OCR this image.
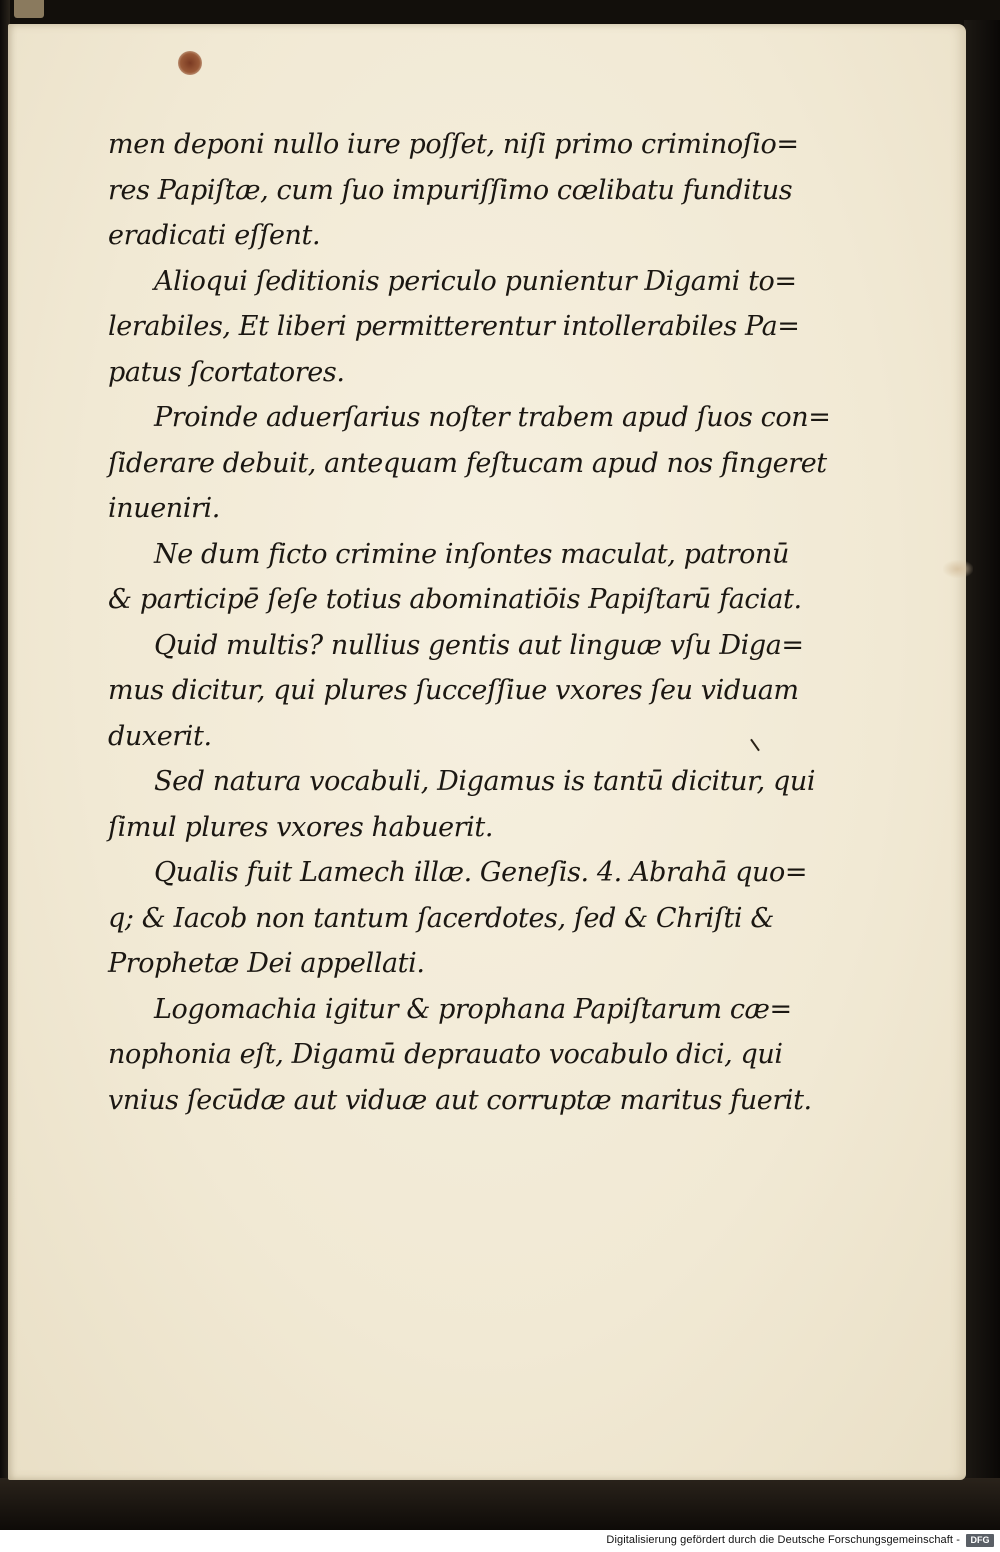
men deponi nullo iure poſſet, niſi primo criminoſio=
res Papiſtæ, cum ſuo impuriſſimo cœlibatu funditus
eradicati eſſent.
Alioqui ſeditionis periculo punientur Digami to=
lerabiles, Et liberi permitterentur intollerabiles Pa=
patus ſcortatores.
Proinde aduerſarius noſter trabem apud ſuos con=
ſiderare debuit, antequam feſtucam apud nos fingeret
inueniri.
Ne dum ficto crimine inſontes maculat, patronū
& participē ſeſe totius abominatiōis Papiſtarū faciat.
Quid multis? nullius gentis aut linguæ vſu Diga=
mus dicitur, qui plures ſucceſſiue vxores ſeu viduam
duxerit.
Sed natura vocabuli, Digamus is tantū dicitur, qui
ſimul plures vxores habuerit.
Qualis fuit Lamech illæ. Geneſis. 4. Abrahā quo=
q; & Iacob non tantum ſacerdotes, ſed & Chriſti &
Prophetæ Dei appellati.
Logomachia igitur & prophana Papiſtarum cæ=
nophonia eſt, Digamū deprauato vocabulo dici, qui
vnius ſecūdæ aut viduæ aut corruptæ maritus fuerit.
Digitalisierung gefördert durch die Deutsche Forschungsgemeinschaft -	DFG
